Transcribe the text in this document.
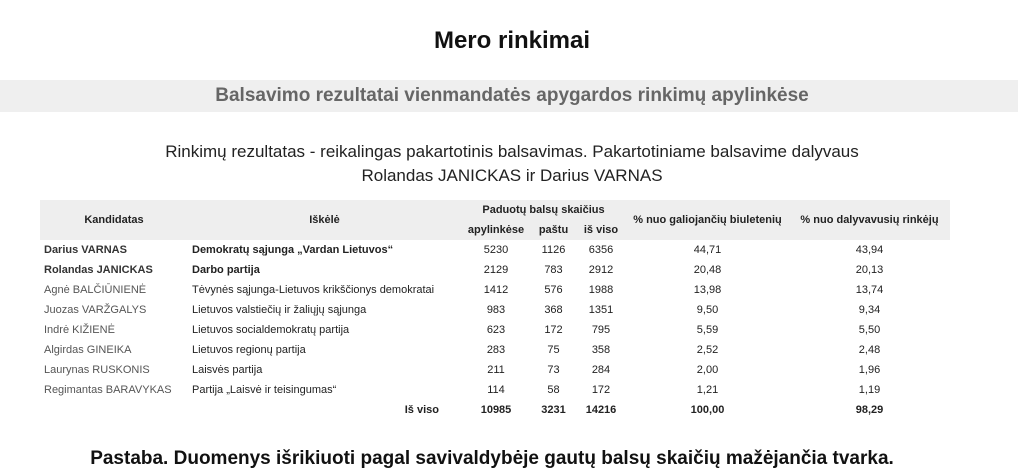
Mero rinkimai
Balsavimo rezultatai vienmandatės apygardos rinkimų apylinkėse
Rinkimų rezultatas - reikalingas pakartotinis balsavimas. Pakartotiniame balsavime dalyvaus
Rolandas JANICKAS ir Darius VARNAS
Kandidatas	Iškėlė	Paduotų balsų skaičius			% nuo galiojančių biuletenių	% nuo dalyvavusių rinkėjų
		apylinkėse	paštu	iš viso		
Darius VARNAS	Demokratų sąjunga „Vardan Lietuvos“	5230	1126	6356	44,71	43,94
Rolandas JANICKAS	Darbo partija	2129	783	2912	20,48	20,13
Agnė BALČIŪNIENĖ	Tėvynės sąjunga-Lietuvos krikščionys demokratai	1412	576	1988	13,98	13,74
Juozas VARŽGALYS	Lietuvos valstiečių ir žaliųjų sąjunga	983	368	1351	9,50	9,34
Indrė KIŽIENĖ	Lietuvos socialdemokratų partija	623	172	795	5,59	5,50
Algirdas GINEIKA	Lietuvos regionų partija	283	75	358	2,52	2,48
Laurynas RUSKONIS	Laisvės partija	211	73	284	2,00	1,96
Regimantas BARAVYKAS	Partija „Laisvė ir teisingumas“	114	58	172	1,21	1,19
	Iš viso	10985	3231	14216	100,00	98,29
Pastaba. Duomenys išrikiuoti pagal savivaldybėje gautų balsų skaičių mažėjančia tvarka.
